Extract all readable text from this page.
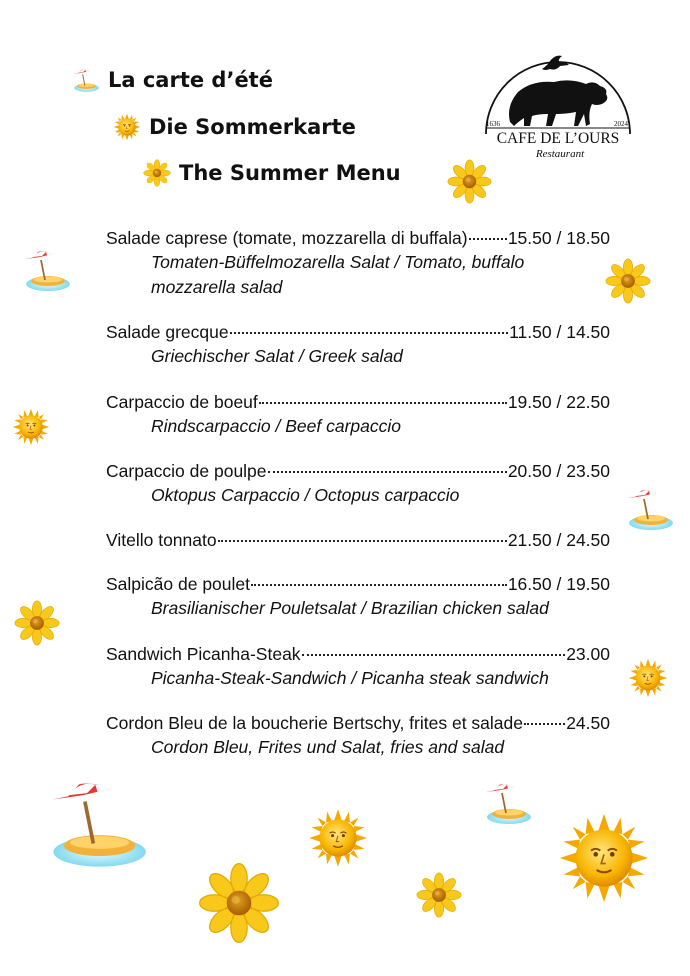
La carte d’été
Die Sommerkarte
The Summer Menu
1636	2024
CAFE DE L’OURS
Restaurant
Salade caprese (tomate, mozzarella di buffala) 15.50 / 18.50
Tomaten-Büffelmozarella Salat / Tomato, buffalo
mozzarella salad
Salade grecque	11.50 / 14.50
Griechischer Salat / Greek salad
Carpaccio de boeuf	19.50 / 22.50
Rindscarpaccio / Beef carpaccio
Carpaccio de poulpe	20.50 / 23.50
Oktopus Carpaccio / Octopus carpaccio
Vitello tonnato	21.50 / 24.50
Salpicão de poulet	16.50 / 19.50
Brasilianischer Pouletsalat / Brazilian chicken salad
Sandwich Picanha-Steak	23.00
Picanha-Steak-Sandwich / Picanha steak sandwich
Cordon Bleu de la boucherie Bertschy, frites et salade 24.50
Cordon Bleu, Frites und Salat, fries and salad
